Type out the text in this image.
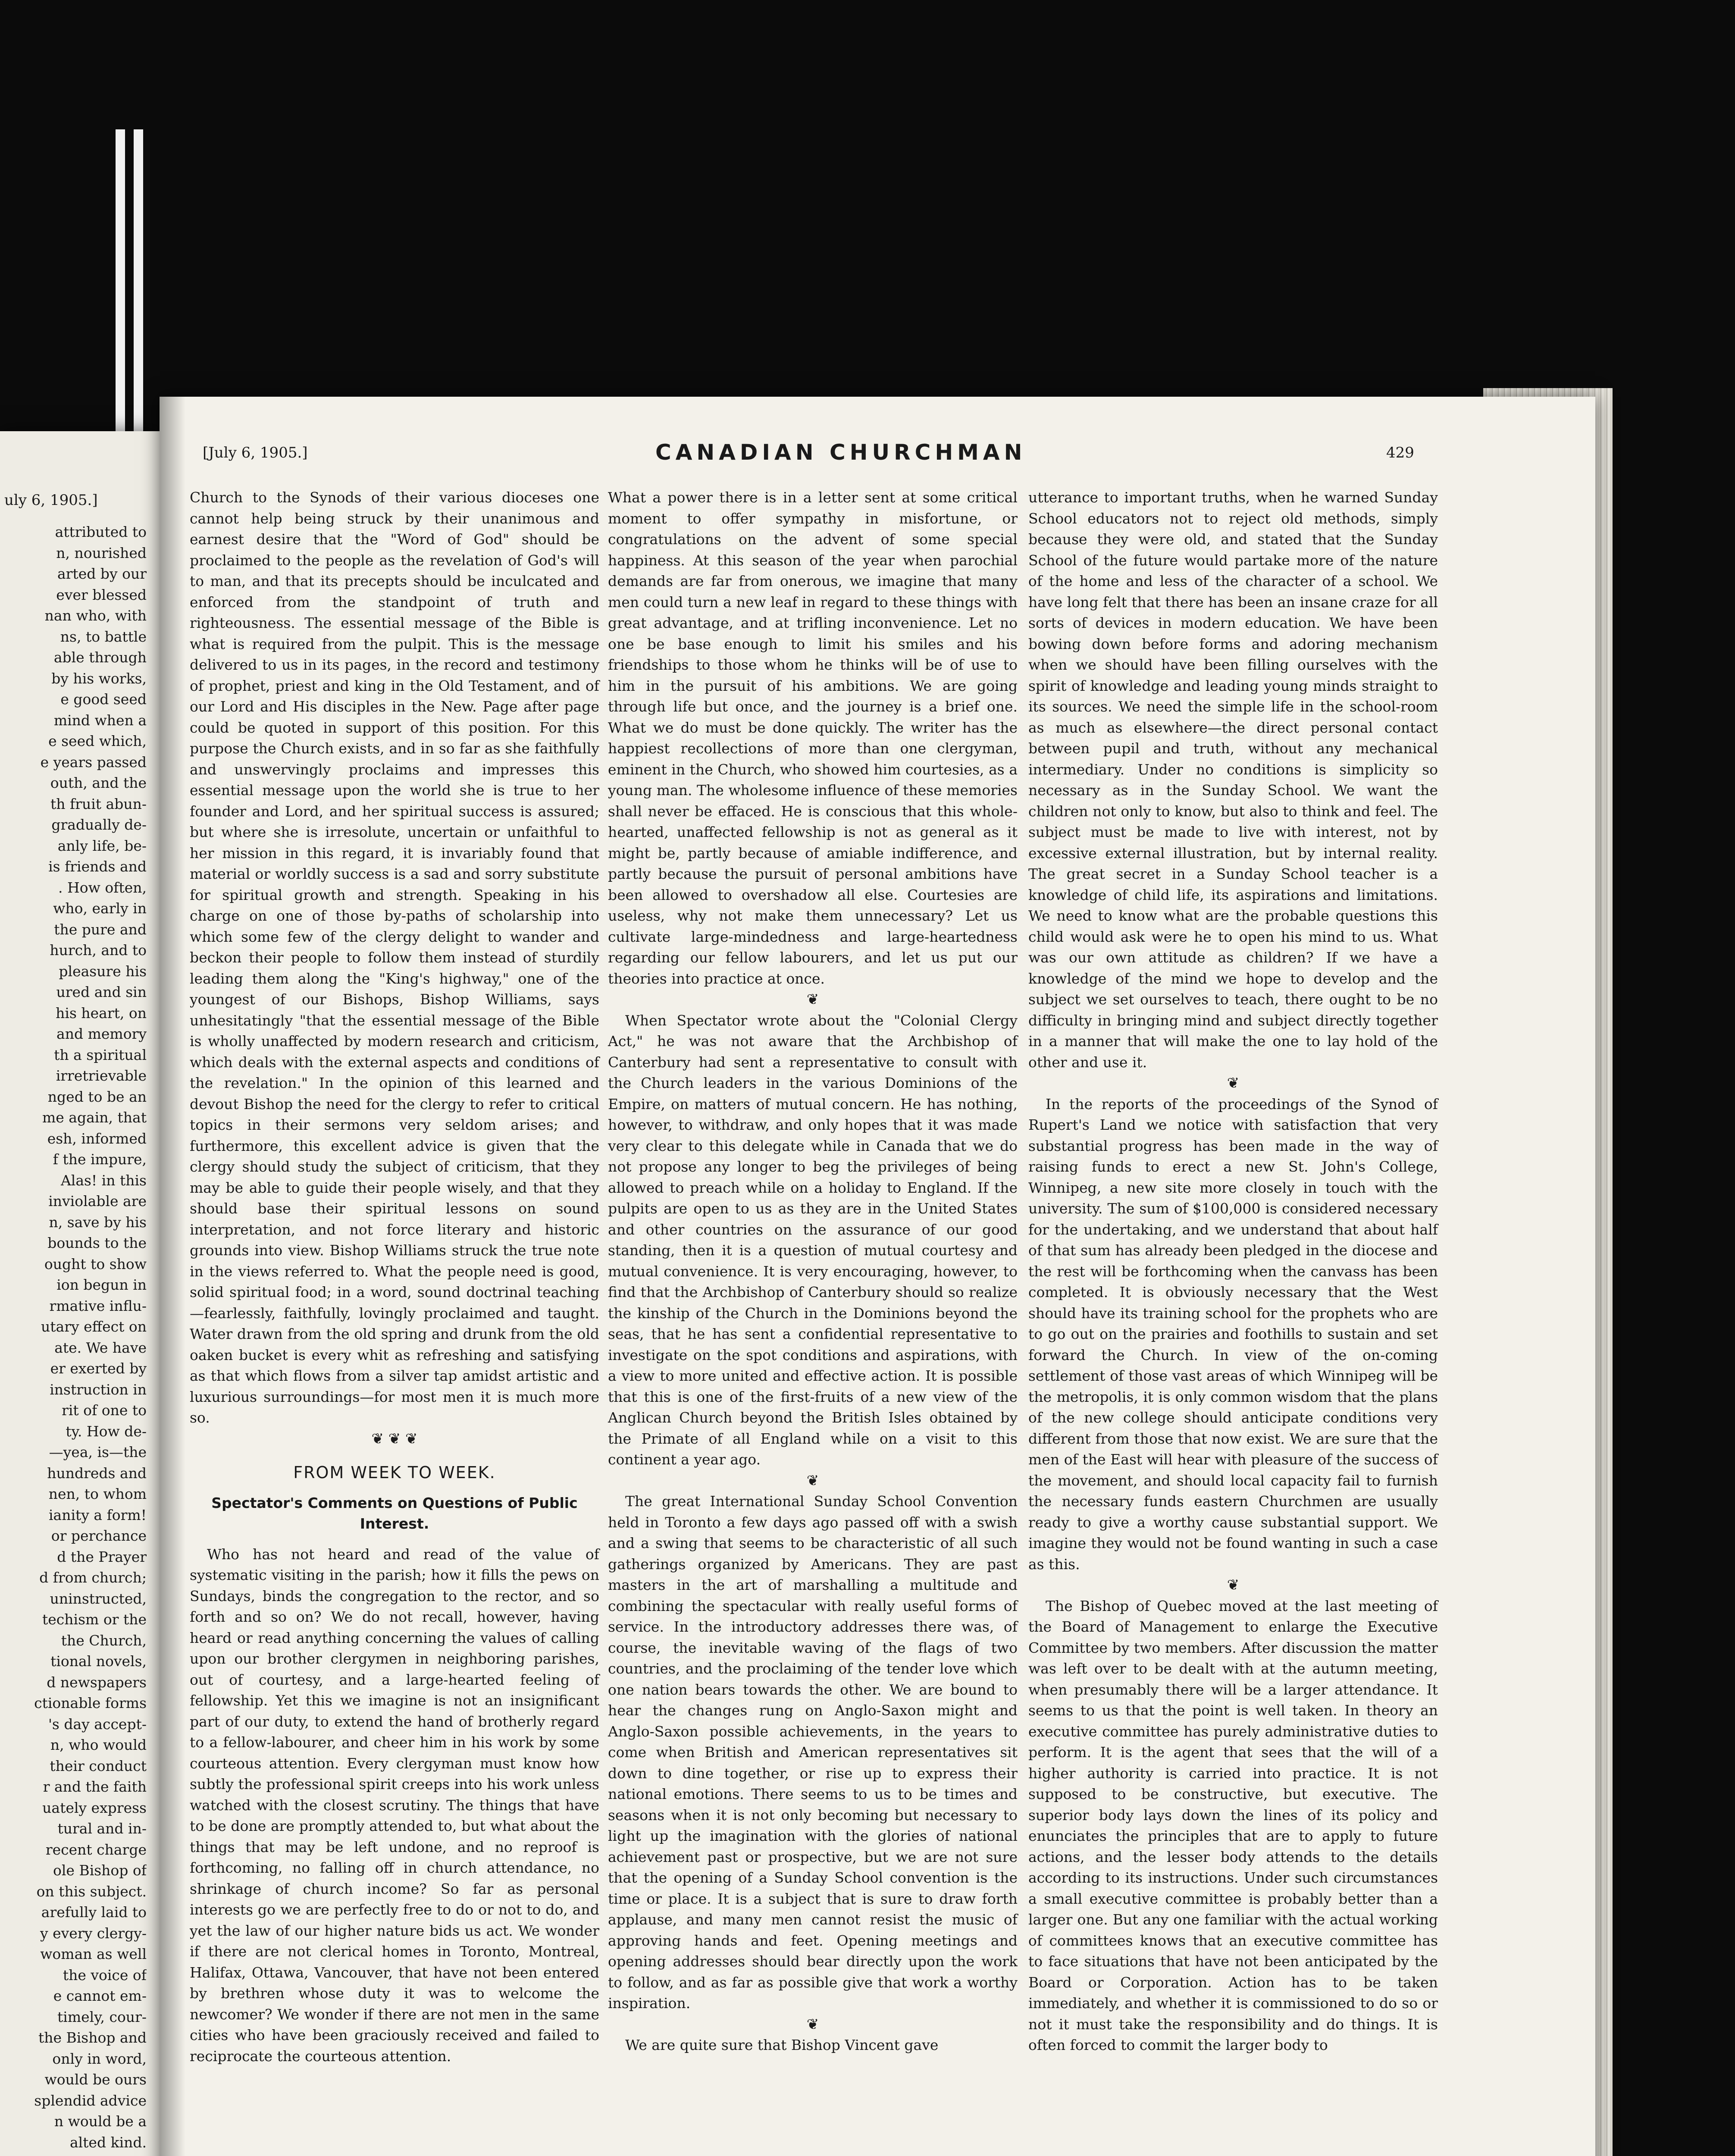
uly 6, 1905.]
attributed to
n, nourished
arted by our
ever blessed
nan who, with
ns, to battle
able through
by his works,
e good seed
mind when a
e seed which,
e years passed
outh, and the
th fruit abun-
gradually de-
anly life, be-
is friends and
. How often,
who, early in
the pure and
hurch, and to
pleasure his
ured and sin
his heart, on
and memory
th a spiritual
irretrievable
nged to be an
me again, that
esh, informed
f the impure,
Alas! in this
inviolable are
n, save by his
bounds to the
ought to show
ion begun in
rmative influ-
utary effect on
ate. We have
er exerted by
instruction in
rit of one to
ty. How de-
—yea, is—the
hundreds and
nen, to whom
ianity a form!
or perchance
d the Prayer
d from church;
uninstructed,
techism or the
the Church,
tional novels,
d newspapers
ctionable forms
's day accept-
n, who would
their conduct
r and the faith
uately express
tural and in-
recent charge
ole Bishop of
on this subject.
arefully laid to
y every clergy-
woman as well
the voice of
e cannot em-
timely, cour-
the Bishop and
only in word,
would be ours
splendid advice
n would be a
alted kind.
[July 6, 1905.]	CANADIAN CHURCHMAN	429

Church to the Synods of their various dioceses one cannot help being struck by their unanimous and earnest desire that the "Word of God" should be proclaimed to the people as the revelation of God's will to man, and that its precepts should be inculcated and enforced from the standpoint of truth and righteousness. The essential message of the Bible is what is required from the pulpit. This is the message delivered to us in its pages, in the record and testimony of prophet, priest and king in the Old Testament, and of our Lord and His disciples in the New. Page after page could be quoted in support of this position. For this purpose the Church exists, and in so far as she faithfully and unswervingly proclaims and impresses this essential message upon the world she is true to her founder and Lord, and her spiritual success is assured; but where she is irresolute, uncertain or unfaithful to her mission in this regard, it is invariably found that material or worldly success is a sad and sorry substitute for spiritual growth and strength. Speaking in his charge on one of those by-paths of scholarship into which some few of the clergy delight to wander and beckon their people to follow them instead of sturdily leading them along the "King's highway," one of the youngest of our Bishops, Bishop Williams, says unhesitatingly "that the essential message of the Bible is wholly unaffected by modern research and criticism, which deals with the external aspects and conditions of the revelation." In the opinion of this learned and devout Bishop the need for the clergy to refer to critical topics in their sermons very seldom arises; and furthermore, this excellent advice is given that the clergy should study the subject of criticism, that they may be able to guide their people wisely, and that they should base their spiritual lessons on sound interpretation, and not force literary and historic grounds into view. Bishop Williams struck the true note in the views referred to. What the people need is good, solid spiritual food; in a word, sound doctrinal teaching—fearlessly, faithfully, lovingly proclaimed and taught. Water drawn from the old spring and drunk from the old oaken bucket is every whit as refreshing and satisfying as that which flows from a silver tap amidst artistic and luxurious surroundings—for most men it is much more so.

❦ ❦ ❦

FROM WEEK TO WEEK.
Spectator's Comments on Questions of Public Interest.

Who has not heard and read of the value of systematic visiting in the parish; how it fills the pews on Sundays, binds the congregation to the rector, and so forth and so on? We do not recall, however, having heard or read anything concerning the values of calling upon our brother clergymen in neighboring parishes, out of courtesy, and a large-hearted feeling of fellowship. Yet this we imagine is not an insignificant part of our duty, to extend the hand of brotherly regard to a fellow-labourer, and cheer him in his work by some courteous attention. Every clergyman must know how subtly the professional spirit creeps into his work unless watched with the closest scrutiny. The things that have to be done are promptly attended to, but what about the things that may be left undone, and no reproof is forthcoming, no falling off in church attendance, no shrinkage of church income? So far as personal interests go we are perfectly free to do or not to do, and yet the law of our higher nature bids us act. We wonder if there are not clerical homes in Toronto, Montreal, Halifax, Ottawa, Vancouver, that have not been entered by brethren whose duty it was to welcome the newcomer? We wonder if there are not men in the same cities who have been graciously received and failed to reciprocate the courteous attention.

What a power there is in a letter sent at some critical moment to offer sympathy in misfortune, or congratulations on the advent of some special happiness. At this season of the year when parochial demands are far from onerous, we imagine that many men could turn a new leaf in regard to these things with great advantage, and at trifling inconvenience. Let no one be base enough to limit his smiles and his friendships to those whom he thinks will be of use to him in the pursuit of his ambitions. We are going through life but once, and the journey is a brief one. What we do must be done quickly. The writer has the happiest recollections of more than one clergyman, eminent in the Church, who showed him courtesies, as a young man. The wholesome influence of these memories shall never be effaced. He is conscious that this whole-hearted, unaffected fellowship is not as general as it might be, partly because of amiable indifference, and partly because the pursuit of personal ambitions have been allowed to overshadow all else. Courtesies are useless, why not make them unnecessary? Let us cultivate large-mindedness and large-heartedness regarding our fellow labourers, and let us put our theories into practice at once.

❦

When Spectator wrote about the "Colonial Clergy Act," he was not aware that the Archbishop of Canterbury had sent a representative to consult with the Church leaders in the various Dominions of the Empire, on matters of mutual concern. He has nothing, however, to withdraw, and only hopes that it was made very clear to this delegate while in Canada that we do not propose any longer to beg the privileges of being allowed to preach while on a holiday to England. If the pulpits are open to us as they are in the United States and other countries on the assurance of our good standing, then it is a question of mutual courtesy and mutual convenience. It is very encouraging, however, to find that the Archbishop of Canterbury should so realize the kinship of the Church in the Dominions beyond the seas, that he has sent a confidential representative to investigate on the spot conditions and aspirations, with a view to more united and effective action. It is possible that this is one of the first-fruits of a new view of the Anglican Church beyond the British Isles obtained by the Primate of all England while on a visit to this continent a year ago.

❦

The great International Sunday School Convention held in Toronto a few days ago passed off with a swish and a swing that seems to be characteristic of all such gatherings organized by Americans. They are past masters in the art of marshalling a multitude and combining the spectacular with really useful forms of service. In the introductory addresses there was, of course, the inevitable waving of the flags of two countries, and the proclaiming of the tender love which one nation bears towards the other. We are bound to hear the changes rung on Anglo-Saxon might and Anglo-Saxon possible achievements, in the years to come when British and American representatives sit down to dine together, or rise up to express their national emotions. There seems to us to be times and seasons when it is not only becoming but necessary to light up the imagination with the glories of national achievement past or prospective, but we are not sure that the opening of a Sunday School convention is the time or place. It is a subject that is sure to draw forth applause, and many men cannot resist the music of approving hands and feet. Opening meetings and opening addresses should bear directly upon the work to follow, and as far as possible give that work a worthy inspiration.

❦

We are quite sure that Bishop Vincent gave

utterance to important truths, when he warned Sunday School educators not to reject old methods, simply because they were old, and stated that the Sunday School of the future would partake more of the nature of the home and less of the character of a school. We have long felt that there has been an insane craze for all sorts of devices in modern education. We have been bowing down before forms and adoring mechanism when we should have been filling ourselves with the spirit of knowledge and leading young minds straight to its sources. We need the simple life in the school-room as much as elsewhere—the direct personal contact between pupil and truth, without any mechanical intermediary. Under no conditions is simplicity so necessary as in the Sunday School. We want the children not only to know, but also to think and feel. The subject must be made to live with interest, not by excessive external illustration, but by internal reality. The great secret in a Sunday School teacher is a knowledge of child life, its aspirations and limitations. We need to know what are the probable questions this child would ask were he to open his mind to us. What was our own attitude as children? If we have a knowledge of the mind we hope to develop and the subject we set ourselves to teach, there ought to be no difficulty in bringing mind and subject directly together in a manner that will make the one to lay hold of the other and use it.

❦

In the reports of the proceedings of the Synod of Rupert's Land we notice with satisfaction that very substantial progress has been made in the way of raising funds to erect a new St. John's College, Winnipeg, a new site more closely in touch with the university. The sum of $100,000 is considered necessary for the undertaking, and we understand that about half of that sum has already been pledged in the diocese and the rest will be forthcoming when the canvass has been completed. It is obviously necessary that the West should have its training school for the prophets who are to go out on the prairies and foothills to sustain and set forward the Church. In view of the on-coming settlement of those vast areas of which Winnipeg will be the metropolis, it is only common wisdom that the plans of the new college should anticipate conditions very different from those that now exist. We are sure that the men of the East will hear with pleasure of the success of the movement, and should local capacity fail to furnish the necessary funds eastern Churchmen are usually ready to give a worthy cause substantial support. We imagine they would not be found wanting in such a case as this.

❦

The Bishop of Quebec moved at the last meeting of the Board of Management to enlarge the Executive Committee by two members. After discussion the matter was left over to be dealt with at the autumn meeting, when presumably there will be a larger attendance. It seems to us that the point is well taken. In theory an executive committee has purely administrative duties to perform. It is the agent that sees that the will of a higher authority is carried into practice. It is not supposed to be constructive, but executive. The superior body lays down the lines of its policy and enunciates the principles that are to apply to future actions, and the lesser body attends to the details according to its instructions. Under such circumstances a small executive committee is probably better than a larger one. But any one familiar with the actual working of committees knows that an executive committee has to face situations that have not been anticipated by the Board or Corporation. Action has to be taken immediately, and whether it is commissioned to do so or not it must take the responsibility and do things. It is often forced to commit the larger body to
